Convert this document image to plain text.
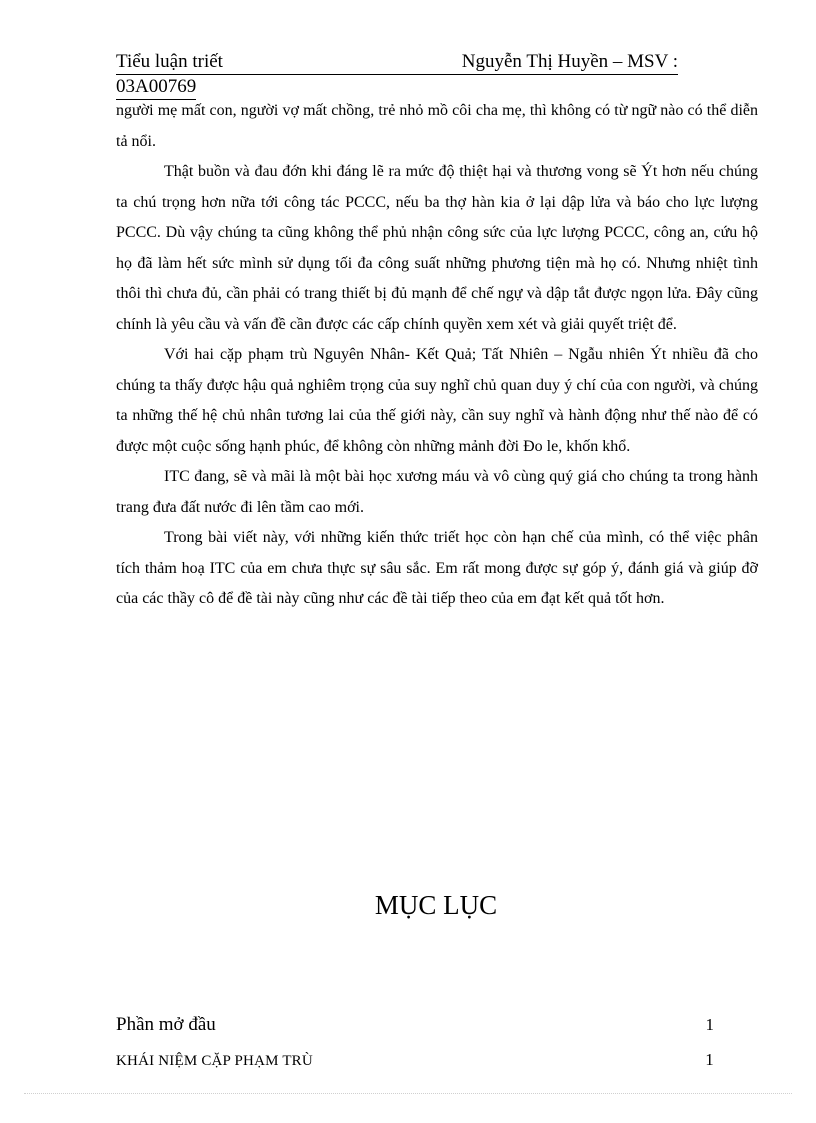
Tiểu luận triết	Nguyễn Thị Huyền – MSV :
03A00769

người mẹ mất con, người vợ mất chồng, trẻ nhỏ mồ côi cha mẹ, thì không có từ ngữ nào có thể diễn tả nổi.

Thật buồn và đau đớn khi đáng lẽ ra mức độ thiệt hại và thương vong sẽ Ýt hơn nếu chúng ta chú trọng hơn nữa tới công tác PCCC, nếu ba thợ hàn kia ở lại dập lửa và báo cho lực lượng PCCC. Dù vậy chúng ta cũng không thể phủ nhận công sức của lực lượng PCCC, công an, cứu hộ họ đã làm hết sức mình sử dụng tối đa công suất những phương tiện mà họ có. Nhưng nhiệt tình thôi thì chưa đủ, cần phải có trang thiết bị đủ mạnh để chế ngự và dập tắt được ngọn lửa. Đây cũng chính là yêu cầu và vấn đề cần được các cấp chính quyền xem xét và giải quyết triệt để.

Với hai cặp phạm trù Nguyên Nhân- Kết Quả; Tất Nhiên – Ngẫu nhiên Ýt nhiều đã cho chúng ta thấy được hậu quả nghiêm trọng của suy nghĩ chủ quan duy ý chí của con người, và chúng ta những thế hệ chủ nhân tương lai của thế giới này, cần suy nghĩ và hành động như thế nào để có được một cuộc sống hạnh phúc, để không còn những mảnh đời Đo le, khốn khổ.

ITC đang, sẽ và mãi là một bài học xương máu và vô cùng quý giá cho chúng ta trong hành trang đưa đất nước đi lên tầm cao mới.

Trong bài viết này, với những kiến thức triết học còn hạn chế của mình, có thể việc phân tích thảm hoạ ITC của em chưa thực sự sâu sắc. Em rất mong được sự góp ý, đánh giá và giúp đỡ của các thầy cô để đề tài này cũng như các đề tài tiếp theo của em đạt kết quả tốt hơn.

MỤC LỤC
Phần mở đầu	1
KHÁI NIỆM CẶP PHẠM TRÙ	1
